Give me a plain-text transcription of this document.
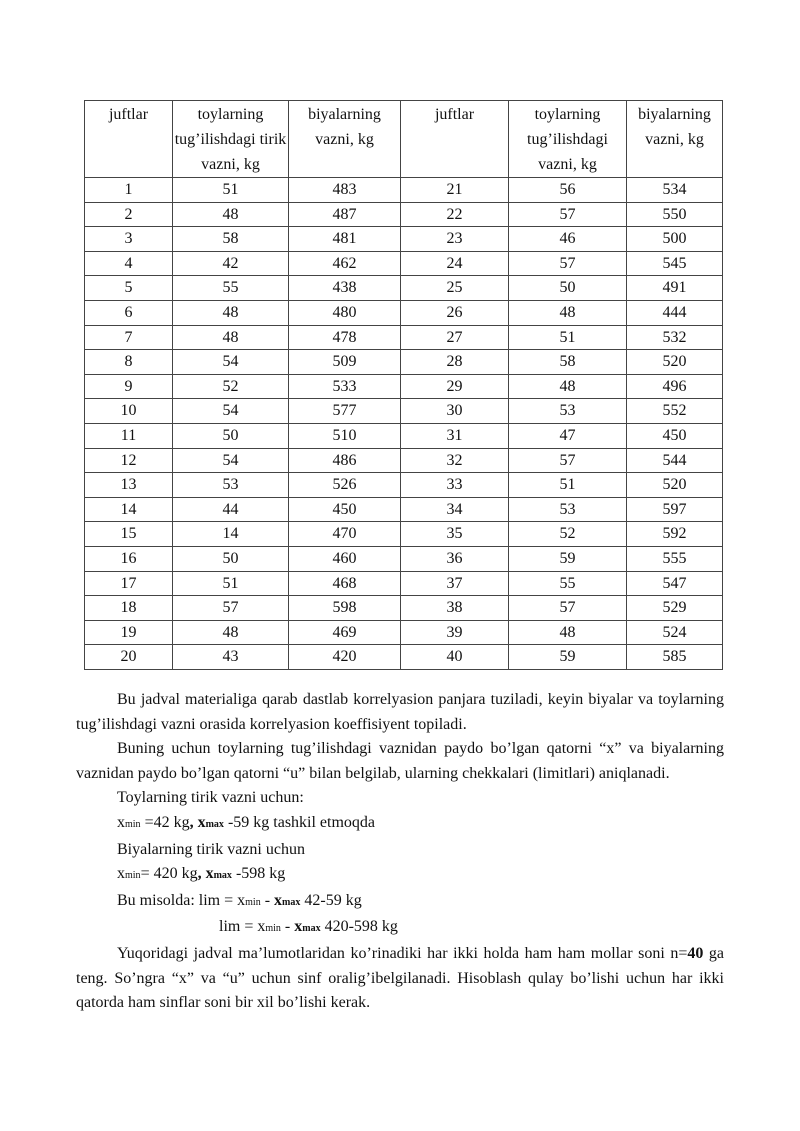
juftlar	toylarning tug’ilishdagi tirik vazni, kg	biyalarning vazni, kg	juftlar	toylarning tug’ilishdagi vazni, kg	biyalarning vazni, kg
1	51	483	21	56	534
2	48	487	22	57	550
3	58	481	23	46	500
4	42	462	24	57	545
5	55	438	25	50	491
6	48	480	26	48	444
7	48	478	27	51	532
8	54	509	28	58	520
9	52	533	29	48	496
10	54	577	30	53	552
11	50	510	31	47	450
12	54	486	32	57	544
13	53	526	33	51	520
14	44	450	34	53	597
15	14	470	35	52	592
16	50	460	36	59	555
17	51	468	37	55	547
18	57	598	38	57	529
19	48	469	39	48	524
20	43	420	40	59	585

Bu jadval materialiga qarab dastlab korrelyasion panjara tuziladi, keyin biyalar va toylarning tug’ilishdagi vazni orasida korrelyasion koeffisiyent topiladi.

Buning uchun toylarning tug’ilishdagi vaznidan paydo bo’lgan qatorni “x” va biyalarning vaznidan paydo bo’lgan qatorni “u” bilan belgilab, ularning chekkalari (limitlari) aniqlanadi.

Toylarning tirik vazni uchun:

xmin =42 kg, xmax -59 kg tashkil etmoqda

Biyalarning tirik vazni uchun

xmin= 420 kg, xmax -598 kg

Bu misolda: lim = xmin - xmax 42-59 kg

lim = xmin - xmax 420-598 kg

Yuqoridagi jadval ma’lumotlaridan ko’rinadiki har ikki holda ham ham mollar soni n=40 ga teng. So’ngra “x” va “u” uchun sinf oralig’ibelgilanadi. Hisoblash qulay bo’lishi uchun har ikki qatorda ham sinflar soni bir xil bo’lishi kerak.
